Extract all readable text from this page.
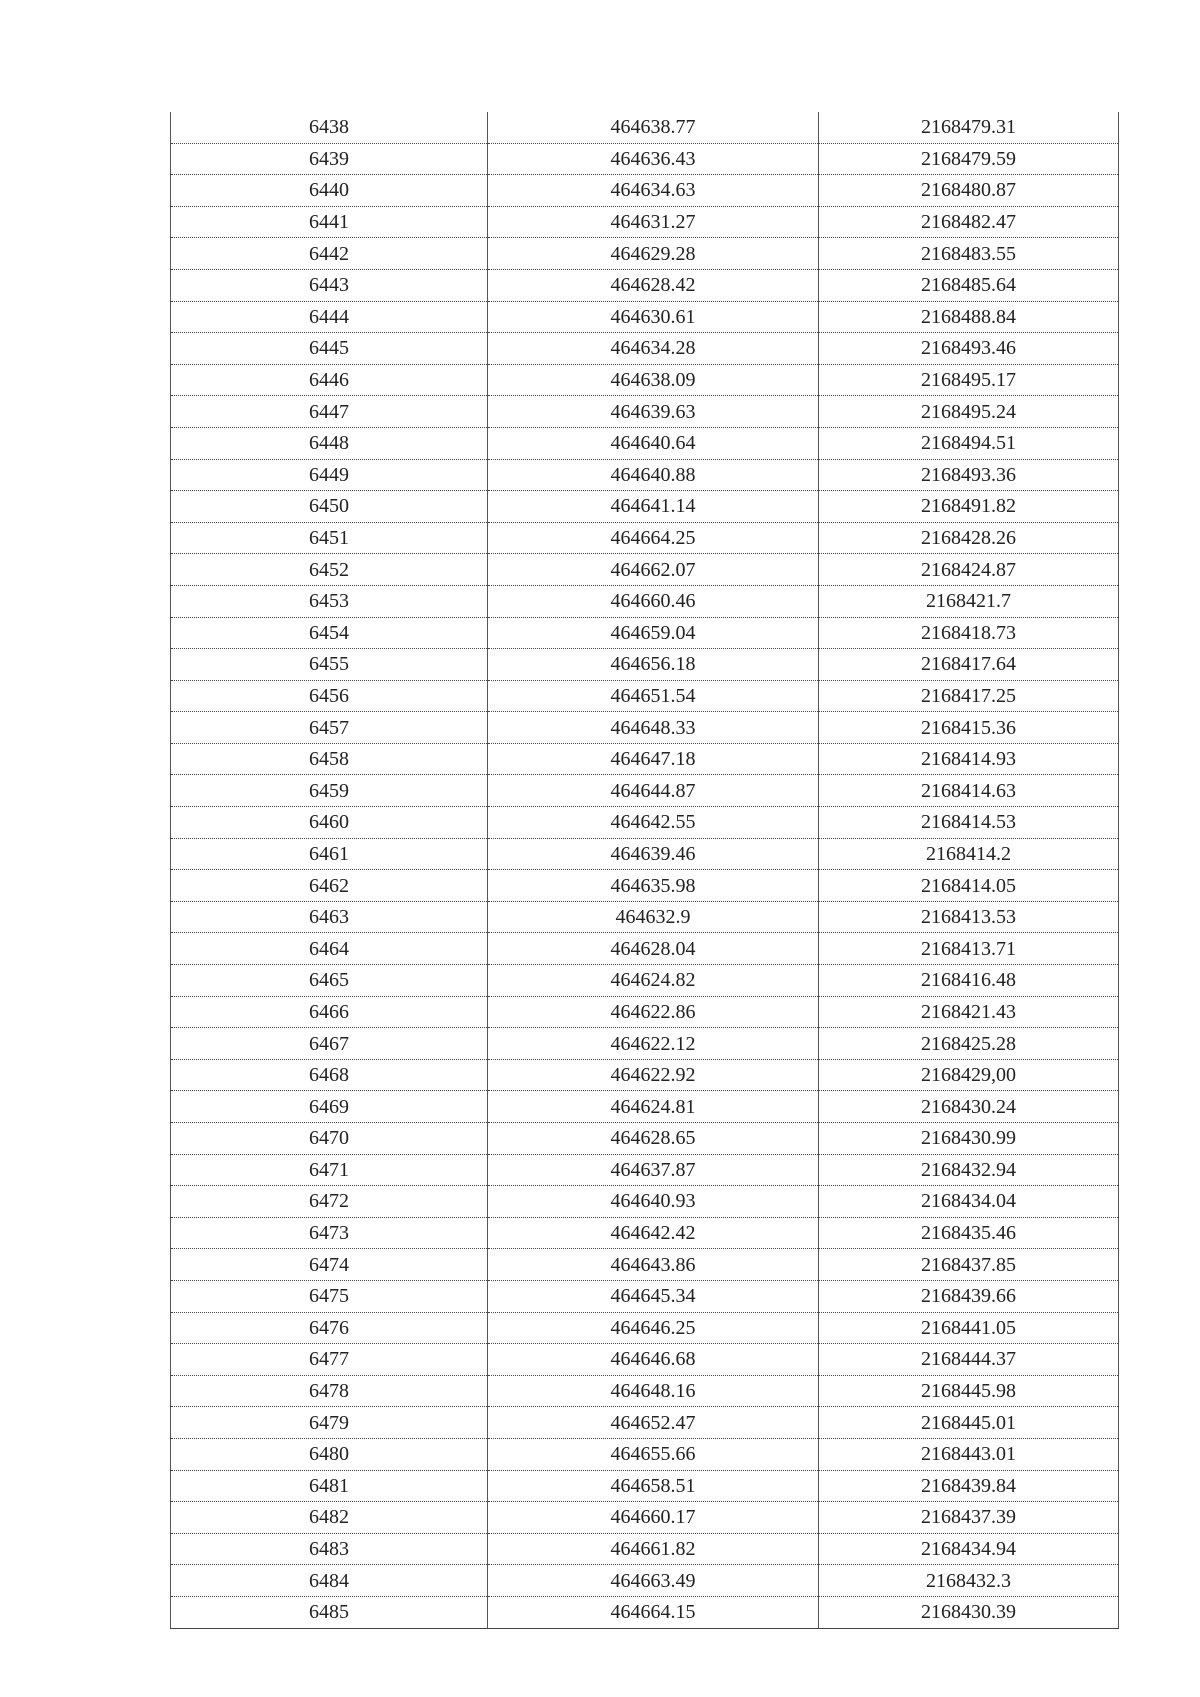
6438	464638.77	2168479.31
6439	464636.43	2168479.59
6440	464634.63	2168480.87
6441	464631.27	2168482.47
6442	464629.28	2168483.55
6443	464628.42	2168485.64
6444	464630.61	2168488.84
6445	464634.28	2168493.46
6446	464638.09	2168495.17
6447	464639.63	2168495.24
6448	464640.64	2168494.51
6449	464640.88	2168493.36
6450	464641.14	2168491.82
6451	464664.25	2168428.26
6452	464662.07	2168424.87
6453	464660.46	2168421.7
6454	464659.04	2168418.73
6455	464656.18	2168417.64
6456	464651.54	2168417.25
6457	464648.33	2168415.36
6458	464647.18	2168414.93
6459	464644.87	2168414.63
6460	464642.55	2168414.53
6461	464639.46	2168414.2
6462	464635.98	2168414.05
6463	464632.9	2168413.53
6464	464628.04	2168413.71
6465	464624.82	2168416.48
6466	464622.86	2168421.43
6467	464622.12	2168425.28
6468	464622.92	2168429,00
6469	464624.81	2168430.24
6470	464628.65	2168430.99
6471	464637.87	2168432.94
6472	464640.93	2168434.04
6473	464642.42	2168435.46
6474	464643.86	2168437.85
6475	464645.34	2168439.66
6476	464646.25	2168441.05
6477	464646.68	2168444.37
6478	464648.16	2168445.98
6479	464652.47	2168445.01
6480	464655.66	2168443.01
6481	464658.51	2168439.84
6482	464660.17	2168437.39
6483	464661.82	2168434.94
6484	464663.49	2168432.3
6485	464664.15	2168430.39
